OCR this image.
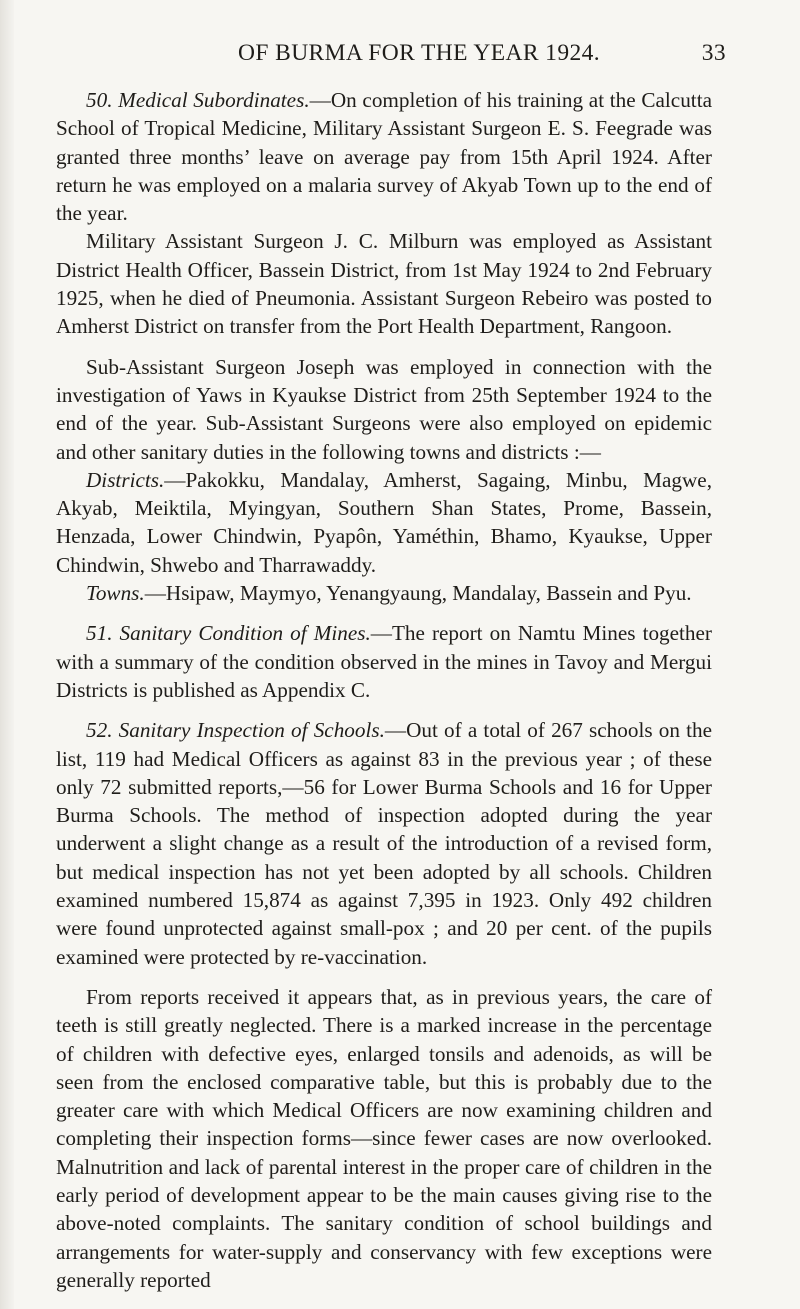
OF BURMA FOR THE YEAR 1924.	33

50. Medical Subordinates.—On completion of his training at the Calcutta School of Tropical Medicine, Military Assistant Surgeon E. S. Feegrade was granted three months’ leave on average pay from 15th April 1924. After return he was employed on a malaria survey of Akyab Town up to the end of the year.

Military Assistant Surgeon J. C. Milburn was employed as Assistant District Health Officer, Bassein District, from 1st May 1924 to 2nd February 1925, when he died of Pneumonia. Assistant Surgeon Rebeiro was posted to Amherst District on transfer from the Port Health Department, Rangoon.

Sub-Assistant Surgeon Joseph was employed in connection with the investigation of Yaws in Kyaukse District from 25th September 1924 to the end of the year. Sub-Assistant Surgeons were also employed on epidemic and other sanitary duties in the following towns and districts :—

Districts.—Pakokku, Mandalay, Amherst, Sagaing, Minbu, Magwe, Akyab, Meiktila, Myingyan, Southern Shan States, Prome, Bassein, Henzada, Lower Chindwin, Pyapôn, Yaméthin, Bhamo, Kyaukse, Upper Chindwin, Shwebo and Tharrawaddy.

Towns.—Hsipaw, Maymyo, Yenangyaung, Mandalay, Bassein and Pyu.

51. Sanitary Condition of Mines.—The report on Namtu Mines together with a summary of the condition observed in the mines in Tavoy and Mergui Districts is published as Appendix C.

52. Sanitary Inspection of Schools.—Out of a total of 267 schools on the list, 119 had Medical Officers as against 83 in the previous year ; of these only 72 submitted reports,—56 for Lower Burma Schools and 16 for Upper Burma Schools. The method of inspection adopted during the year underwent a slight change as a result of the introduction of a revised form, but medical inspection has not yet been adopted by all schools. Children examined numbered 15,874 as against 7,395 in 1923. Only 492 children were found unprotected against small-pox ; and 20 per cent. of the pupils examined were protected by re-vaccination.

From reports received it appears that, as in previous years, the care of teeth is still greatly neglected. There is a marked increase in the percentage of children with defective eyes, enlarged tonsils and adenoids, as will be seen from the enclosed comparative table, but this is probably due to the greater care with which Medical Officers are now examining children and completing their inspection forms—since fewer cases are now overlooked. Malnutrition and lack of parental interest in the proper care of children in the early period of development appear to be the main causes giving rise to the above-noted complaints. The sanitary condition of school buildings and arrangements for water-supply and conservancy with few exceptions were generally reported
